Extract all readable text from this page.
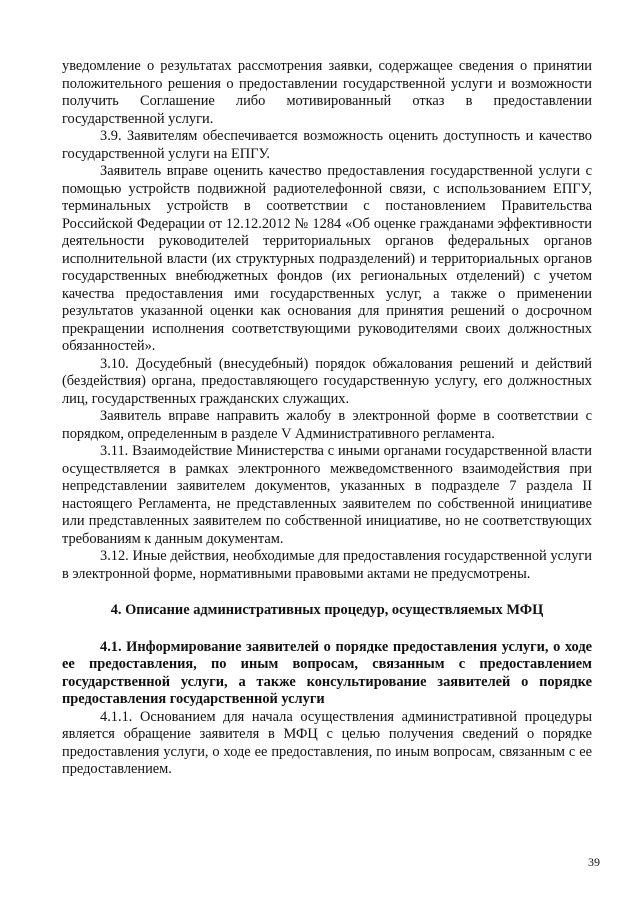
уведомление о результатах рассмотрения заявки, содержащее сведения о принятии положительного решения о предоставлении государственной услуги и возможности получить Соглашение либо мотивированный отказ в предоставлении государственной услуги.

3.9. Заявителям обеспечивается возможность оценить доступность и качество государственной услуги на ЕПГУ.

Заявитель вправе оценить качество предоставления государственной услуги с помощью устройств подвижной радиотелефонной связи, с использованием ЕПГУ, терминальных устройств в соответствии с постановлением Правительства Российской Федерации от 12.12.2012 № 1284 «Об оценке гражданами эффективности деятельности руководителей территориальных органов федеральных органов исполнительной власти (их структурных подразделений) и территориальных органов государственных внебюджетных фондов (их региональных отделений) с учетом качества предоставления ими государственных услуг, а также о применении результатов указанной оценки как основания для принятия решений о досрочном прекращении исполнения соответствующими руководителями своих должностных обязанностей».

3.10. Досудебный (внесудебный) порядок обжалования решений и действий (бездействия) органа, предоставляющего государственную услугу, его должностных лиц, государственных гражданских служащих.

Заявитель вправе направить жалобу в электронной форме в соответствии с порядком, определенным в разделе V Административного регламента.

3.11. Взаимодействие Министерства с иными органами государственной власти осуществляется в рамках электронного межведомственного взаимодействия при непредставлении заявителем документов, указанных в подразделе 7 раздела II настоящего Регламента, не представленных заявителем по собственной инициативе или представленных заявителем по собственной инициативе, но не соответствующих требованиям к данным документам.

3.12. Иные действия, необходимые для предоставления государственной услуги в электронной форме, нормативными правовыми актами не предусмотрены.

4. Описание административных процедур, осуществляемых МФЦ

4.1. Информирование заявителей о порядке предоставления услуги, о ходе ее предоставления, по иным вопросам, связанным с предоставлением государственной услуги, а также консультирование заявителей о порядке предоставления государственной услуги

4.1.1. Основанием для начала осуществления административной процедуры является обращение заявителя в МФЦ с целью получения сведений о порядке предоставления услуги, о ходе ее предоставления, по иным вопросам, связанным с ее предоставлением.

39
